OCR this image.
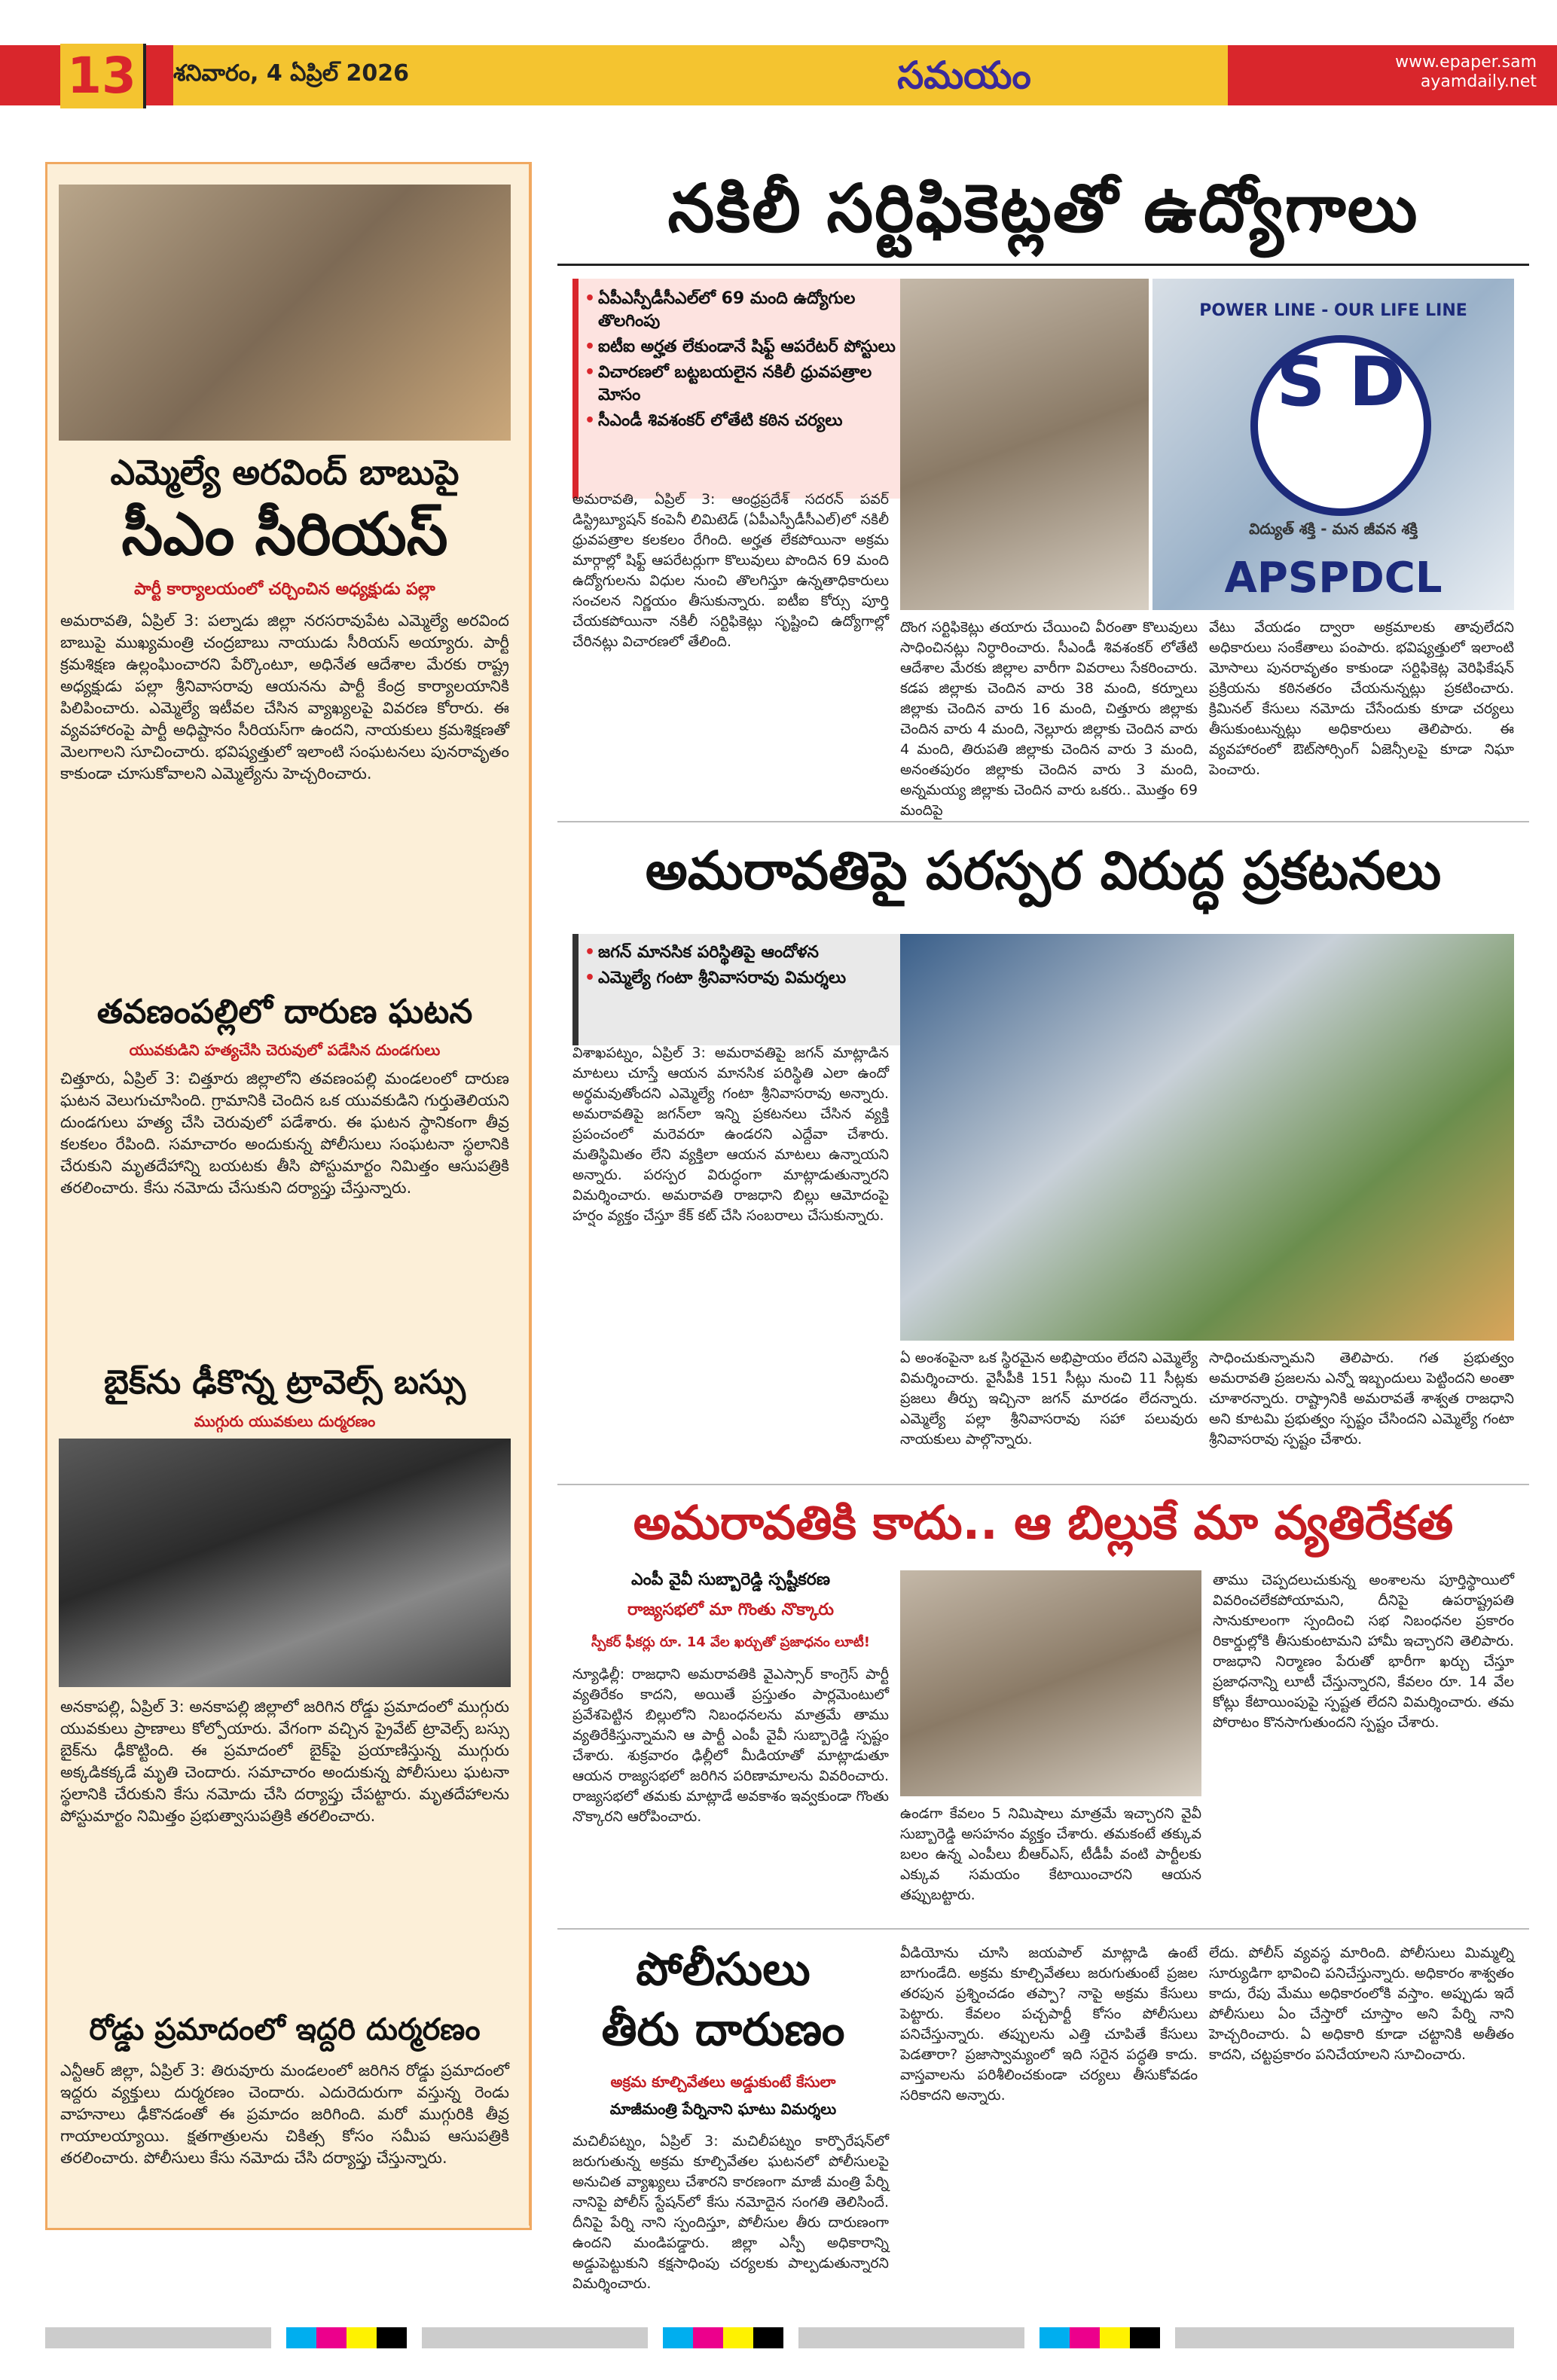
13	శనివారం, 4 ఏప్రిల్ 2026	సమయం	www.epaper.sam
ayamdaily.net
ఎమ్మెల్యే అరవింద్ బాబుపై
సీఎం సీరియస్
పార్టీ కార్యాలయంలో చర్చించిన అధ్యక్షుడు పల్లా
అమరావతి, ఏప్రిల్ 3: పల్నాడు జిల్లా నరసరావుపేట ఎమ్మెల్యే అరవింద బాబుపై ముఖ్యమంత్రి చంద్రబాబు నాయుడు సీరియస్ అయ్యారు. పార్టీ క్రమశిక్షణ ఉల్లంఘించారని పేర్కొంటూ, అధినేత ఆదేశాల మేరకు రాష్ట్ర అధ్యక్షుడు పల్లా శ్రీనివాసరావు ఆయనను పార్టీ కేంద్ర కార్యాలయానికి పిలిపించారు. ఎమ్మెల్యే ఇటీవల చేసిన వ్యాఖ్యలపై వివరణ కోరారు. ఈ వ్యవహారంపై పార్టీ అధిష్టానం సీరియస్‌గా ఉందని, నాయకులు క్రమశిక్షణతో మెలగాలని సూచించారు. భవిష్యత్తులో ఇలాంటి సంఘటనలు పునరావృతం కాకుండా చూసుకోవాలని ఎమ్మెల్యేను హెచ్చరించారు.
తవణంపల్లిలో దారుణ ఘటన
యువకుడిని హత్యచేసి చెరువులో పడేసిన దుండగులు
చిత్తూరు, ఏప్రిల్ 3: చిత్తూరు జిల్లాలోని తవణంపల్లి మండలంలో దారుణ ఘటన వెలుగుచూసింది. గ్రామానికి చెందిన ఒక యువకుడిని గుర్తుతెలియని దుండగులు హత్య చేసి చెరువులో పడేశారు. ఈ ఘటన స్థానికంగా తీవ్ర కలకలం రేపింది. సమాచారం అందుకున్న పోలీసులు సంఘటనా స్థలానికి చేరుకుని మృతదేహాన్ని బయటకు తీసి పోస్టుమార్టం నిమిత్తం ఆసుపత్రికి తరలించారు. కేసు నమోదు చేసుకుని దర్యాప్తు చేస్తున్నారు.
బైక్‌ను ఢీకొన్న ట్రావెల్స్ బస్సు
ముగ్గురు యువకులు దుర్మరణం
అనకాపల్లి, ఏప్రిల్ 3: అనకాపల్లి జిల్లాలో జరిగిన రోడ్డు ప్రమాదంలో ముగ్గురు యువకులు ప్రాణాలు కోల్పోయారు. వేగంగా వచ్చిన ప్రైవేట్ ట్రావెల్స్ బస్సు బైక్‌ను ఢీకొట్టింది. ఈ ప్రమాదంలో బైక్‌పై ప్రయాణిస్తున్న ముగ్గురు అక్కడికక్కడే మృతి చెందారు. సమాచారం అందుకున్న పోలీసులు ఘటనా స్థలానికి చేరుకుని కేసు నమోదు చేసి దర్యాప్తు చేపట్టారు. మృతదేహాలను పోస్టుమార్టం నిమిత్తం ప్రభుత్వాసుపత్రికి తరలించారు.
రోడ్డు ప్రమాదంలో ఇద్దరి దుర్మరణం
ఎన్టీఆర్ జిల్లా, ఏప్రిల్ 3: తిరువూరు మండలంలో జరిగిన రోడ్డు ప్రమాదంలో ఇద్దరు వ్యక్తులు దుర్మరణం చెందారు. ఎదురెదురుగా వస్తున్న రెండు వాహనాలు ఢీకొనడంతో ఈ ప్రమాదం జరిగింది. మరో ముగ్గురికి తీవ్ర గాయాలయ్యాయి. క్షతగాత్రులను చికిత్స కోసం సమీప ఆసుపత్రికి తరలించారు. పోలీసులు కేసు నమోదు చేసి దర్యాప్తు చేస్తున్నారు.
నకిలీ సర్టిఫికెట్లతో ఉద్యోగాలు
• ఏపీఎస్పీడీసీఎల్‌లో 69 మంది ఉద్యోగుల తొలగింపు
• ఐటీఐ అర్హత లేకుండానే షిఫ్ట్ ఆపరేటర్ పోస్టులు
• విచారణలో బట్టబయలైన నకిలీ ధ్రువపత్రాల మోసం
• సీఎండీ శివశంకర్ లోతేటి కఠిన చర్యలు
POWER LINE - OUR LIFE LINE
S D
విద్యుత్ శక్తి - మన జీవన శక్తి
APSPDCL
అమరావతి, ఏప్రిల్ 3: ఆంధ్రప్రదేశ్ సదరన్ పవర్ డిస్ట్రిబ్యూషన్ కంపెనీ లిమిటెడ్ (ఏపీఎస్పీడీసీఎల్)లో నకిలీ ధ్రువపత్రాల కలకలం రేగింది. అర్హత లేకపోయినా అక్రమ మార్గాల్లో షిఫ్ట్ ఆపరేటర్లుగా కొలువులు పొందిన 69 మంది ఉద్యోగులను విధుల నుంచి తొలగిస్తూ ఉన్నతాధికారులు సంచలన నిర్ణయం తీసుకున్నారు. ఐటీఐ కోర్సు పూర్తి చేయకపోయినా నకిలీ సర్టిఫికెట్లు సృష్టించి ఉద్యోగాల్లో చేరినట్లు విచారణలో తేలింది.
దొంగ సర్టిఫికెట్లు తయారు చేయించి వీరంతా కొలువులు సాధించినట్లు నిర్ధారించారు. సీఎండీ శివశంకర్ లోతేటి ఆదేశాల మేరకు జిల్లాల వారీగా వివరాలు సేకరించారు. కడప జిల్లాకు చెందిన వారు 38 మంది, కర్నూలు జిల్లాకు చెందిన వారు 16 మంది, చిత్తూరు జిల్లాకు చెందిన వారు 4 మంది, నెల్లూరు జిల్లాకు చెందిన వారు 4 మంది, తిరుపతి జిల్లాకు చెందిన వారు 3 మంది, అనంతపురం జిల్లాకు చెందిన వారు 3 మంది, అన్నమయ్య జిల్లాకు చెందిన వారు ఒకరు.. మొత్తం 69 మందిపై
వేటు వేయడం ద్వారా అక్రమాలకు తావులేదని అధికారులు సంకేతాలు పంపారు. భవిష్యత్తులో ఇలాంటి మోసాలు పునరావృతం కాకుండా సర్టిఫికెట్ల వెరిఫికేషన్ ప్రక్రియను కఠినతరం చేయనున్నట్లు ప్రకటించారు. క్రిమినల్ కేసులు నమోదు చేసేందుకు కూడా చర్యలు తీసుకుంటున్నట్లు అధికారులు తెలిపారు. ఈ వ్యవహారంలో ఔట్‌సోర్సింగ్ ఏజెన్సీలపై కూడా నిఘా పెంచారు.
అమరావతిపై పరస్పర విరుద్ధ ప్రకటనలు
• జగన్ మానసిక పరిస్థితిపై ఆందోళన
• ఎమ్మెల్యే గంటా శ్రీనివాసరావు విమర్శలు
విశాఖపట్నం, ఏప్రిల్ 3: అమరావతిపై జగన్ మాట్లాడిన మాటలు చూస్తే ఆయన మానసిక పరిస్థితి ఎలా ఉందో అర్థమవుతోందని ఎమ్మెల్యే గంటా శ్రీనివాసరావు అన్నారు. అమరావతిపై జగన్‌లా ఇన్ని ప్రకటనలు చేసిన వ్యక్తి ప్రపంచంలో మరెవరూ ఉండరని ఎద్దేవా చేశారు. మతిస్థిమితం లేని వ్యక్తిలా ఆయన మాటలు ఉన్నాయని అన్నారు. పరస్పర విరుద్ధంగా మాట్లాడుతున్నారని విమర్శించారు. అమరావతి రాజధాని బిల్లు ఆమోదంపై హర్షం వ్యక్తం చేస్తూ కేక్ కట్ చేసి సంబరాలు చేసుకున్నారు.
ఏ అంశంపైనా ఒక స్థిరమైన అభిప్రాయం లేదని ఎమ్మెల్యే విమర్శించారు. వైసీపీకి 151 సీట్లు నుంచి 11 సీట్లకు ప్రజలు తీర్పు ఇచ్చినా జగన్ మారడం లేదన్నారు. ఎమ్మెల్యే పల్లా శ్రీనివాసరావు సహా పలువురు నాయకులు పాల్గొన్నారు.
సాధించుకున్నామని తెలిపారు. గత ప్రభుత్వం అమరావతి ప్రజలను ఎన్నో ఇబ్బందులు పెట్టిందని అంతా చూశారన్నారు. రాష్ట్రానికి అమరావతే శాశ్వత రాజధాని అని కూటమి ప్రభుత్వం స్పష్టం చేసిందని ఎమ్మెల్యే గంటా శ్రీనివాసరావు స్పష్టం చేశారు.
అమరావతికి కాదు.. ఆ బిల్లుకే మా వ్యతిరేకత
ఎంపీ వైవీ సుబ్బారెడ్డి స్పష్టీకరణ
రాజ్యసభలో మా గొంతు నొక్కారు
స్పీకర్ ఫీకర్లు రూ. 14 వేల ఖర్చుతో ప్రజాధనం లూటీ!
న్యూఢిల్లీ: రాజధాని అమరావతికి వైఎస్సార్ కాంగ్రెస్ పార్టీ వ్యతిరేకం కాదని, అయితే ప్రస్తుతం పార్లమెంటులో ప్రవేశపెట్టిన బిల్లులోని నిబంధనలను మాత్రమే తాము వ్యతిరేకిస్తున్నామని ఆ పార్టీ ఎంపీ వైవీ సుబ్బారెడ్డి స్పష్టం చేశారు. శుక్రవారం ఢిల్లీలో మీడియాతో మాట్లాడుతూ ఆయన రాజ్యసభలో జరిగిన పరిణామాలను వివరించారు. రాజ్యసభలో తమకు మాట్లాడే అవకాశం ఇవ్వకుండా గొంతు నొక్కారని ఆరోపించారు.	ఉండగా కేవలం 5 నిమిషాలు మాత్రమే ఇచ్చారని వైవీ సుబ్బారెడ్డి అసహనం వ్యక్తం చేశారు. తమకంటే తక్కువ బలం ఉన్న ఎంపీలు బీఆర్ఎస్, టీడీపీ వంటి పార్టీలకు ఎక్కువ సమయం కేటాయించారని ఆయన తప్పుబట్టారు.
తాము చెప్పదలుచుకున్న అంశాలను పూర్తిస్థాయిలో వివరించలేకపోయామని, దీనిపై ఉపరాష్ట్రపతి సానుకూలంగా స్పందించి సభ నిబంధనల ప్రకారం రికార్డుల్లోకి తీసుకుంటామని హామీ ఇచ్చారని తెలిపారు. రాజధాని నిర్మాణం పేరుతో భారీగా ఖర్చు చేస్తూ ప్రజాధనాన్ని లూటీ చేస్తున్నారని, కేవలం రూ. 14 వేల కోట్లు కేటాయింపుపై స్పష్టత లేదని విమర్శించారు. తమ పోరాటం కొనసాగుతుందని స్పష్టం చేశారు.
పోలీసులు
తీరు దారుణం
అక్రమ కూల్చివేతలు అడ్డుకుంటే కేసులా
మాజీమంత్రి పేర్నినాని ఘాటు విమర్శలు
మచిలీపట్నం, ఏప్రిల్ 3: మచిలీపట్నం కార్పొరేషన్‌లో జరుగుతున్న అక్రమ కూల్చివేతల ఘటనలో పోలీసులపై అనుచిత వ్యాఖ్యలు చేశారని కారణంగా మాజీ మంత్రి పేర్ని నానిపై పోలీస్ స్టేషన్‌లో కేసు నమోదైన సంగతి తెలిసిందే. దీనిపై పేర్ని నాని స్పందిస్తూ, పోలీసుల తీరు దారుణంగా ఉందని మండిపడ్డారు. జిల్లా ఎస్పీ అధికారాన్ని అడ్డుపెట్టుకుని కక్షసాధింపు చర్యలకు పాల్పడుతున్నారని విమర్శించారు.
వీడియోను చూసి జయపాల్ మాట్లాడి ఉంటే బాగుండేది. అక్రమ కూల్చివేతలు జరుగుతుంటే ప్రజల తరపున ప్రశ్నించడం తప్పా? నాపై అక్రమ కేసులు పెట్టారు. కేవలం పచ్చపార్టీ కోసం పోలీసులు పనిచేస్తున్నారు. తప్పులను ఎత్తి చూపితే కేసులు పెడతారా? ప్రజాస్వామ్యంలో ఇది సరైన పద్ధతి కాదు. వాస్తవాలను పరిశీలించకుండా చర్యలు తీసుకోవడం సరికాదని అన్నారు.
లేదు. పోలీస్ వ్యవస్థ మారింది. పోలీసులు మిమ్మల్ని సూర్యుడిగా భావించి పనిచేస్తున్నారు. అధికారం శాశ్వతం కాదు, రేపు మేము అధికారంలోకి వస్తాం. అప్పుడు ఇదే పోలీసులు ఏం చేస్తారో చూస్తాం అని పేర్ని నాని హెచ్చరించారు. ఏ అధికారి కూడా చట్టానికి అతీతం కాదని, చట్టప్రకారం పనిచేయాలని సూచించారు.
